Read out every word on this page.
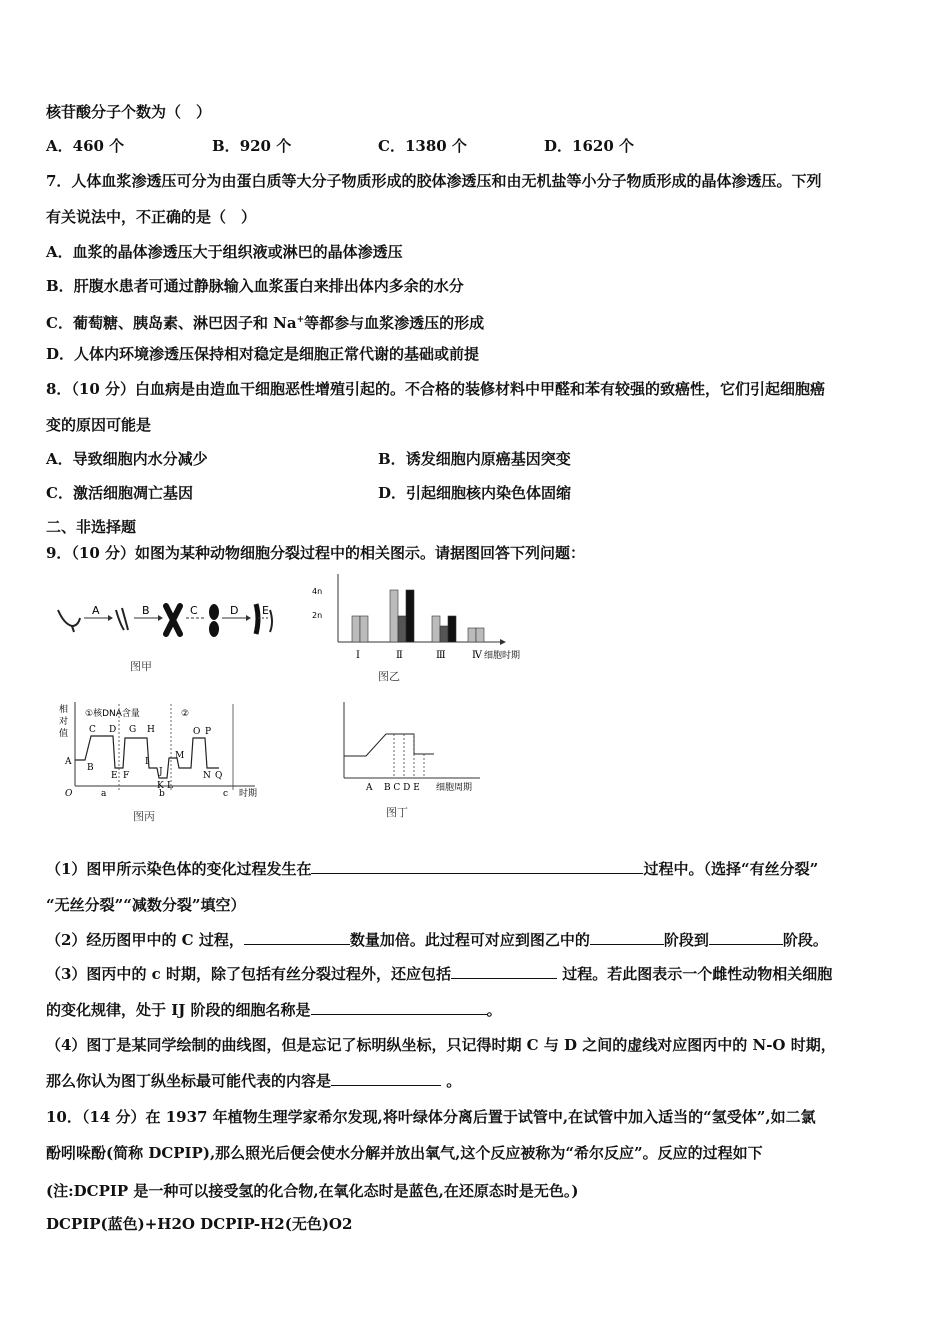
核苷酸分子个数为（　）
A．460 个	B．920 个	C．1380 个	D．1620 个
7．人体血浆渗透压可分为由蛋白质等大分子物质形成的胶体渗透压和由无机盐等小分子物质形成的晶体渗透压。下列
有关说法中，不正确的是（　）
A．血浆的晶体渗透压大于组织液或淋巴的晶体渗透压
B．肝腹水患者可通过静脉输入血浆蛋白来排出体内多余的水分
C．葡萄糖、胰岛素、淋巴因子和 Na+等都参与血浆渗透压的形成
D．人体内环境渗透压保持相对稳定是细胞正常代谢的基础或前提
8．（10 分）白血病是由造血干细胞恶性增殖引起的。不合格的装修材料中甲醛和苯有较强的致癌性，它们引起细胞癌
变的原因可能是
A．导致细胞内水分减少	B．诱发细胞内原癌基因突变
C．激活细胞凋亡基因	D．引起细胞核内染色体固缩
二、非选择题
9．（10 分）如图为某种动物细胞分裂过程中的相关图示。请据图回答下列问题：
A	B	C	D E
图甲
4n
2n
Ⅰ	Ⅱ	Ⅲ	Ⅳ 细胞时期
图乙
相
对
值
①核DNA含量	②
C D G H	O P
A
B
E F
I
J
K L
M
N Q
O	a	b	c 时期
图丙
A    B C D E 细胞周期
图丁
（1）图甲所示染色体的变化过程发生在	过程中。（选择“有丝分裂”
“无丝分裂”“减数分裂”填空）
（2）经历图甲中的 C 过程，	数量加倍。此过程可对应到图乙中的	阶段到	阶段。
（3）图丙中的 c 时期，除了包括有丝分裂过程外，还应包括	过程。若此图表示一个雌性动物相关细胞
的变化规律，处于 IJ 阶段的细胞名称是	。
（4）图丁是某同学绘制的曲线图，但是忘记了标明纵坐标，只记得时期 C 与 D 之间的虚线对应图丙中的 N-O 时期，
那么你认为图丁纵坐标最可能代表的内容是	。
10．（14 分）在 1937 年植物生理学家希尔发现,将叶绿体分离后置于试管中,在试管中加入适当的“氢受体”,如二氯
酚吲哚酚(简称 DCPIP),那么照光后便会使水分解并放出氧气,这个反应被称为“希尔反应”。反应的过程如下
(注:DCPIP 是一种可以接受氢的化合物,在氧化态时是蓝色,在还原态时是无色。)
DCPIP(蓝色)+H2O DCPIP-H2(无色)O2
